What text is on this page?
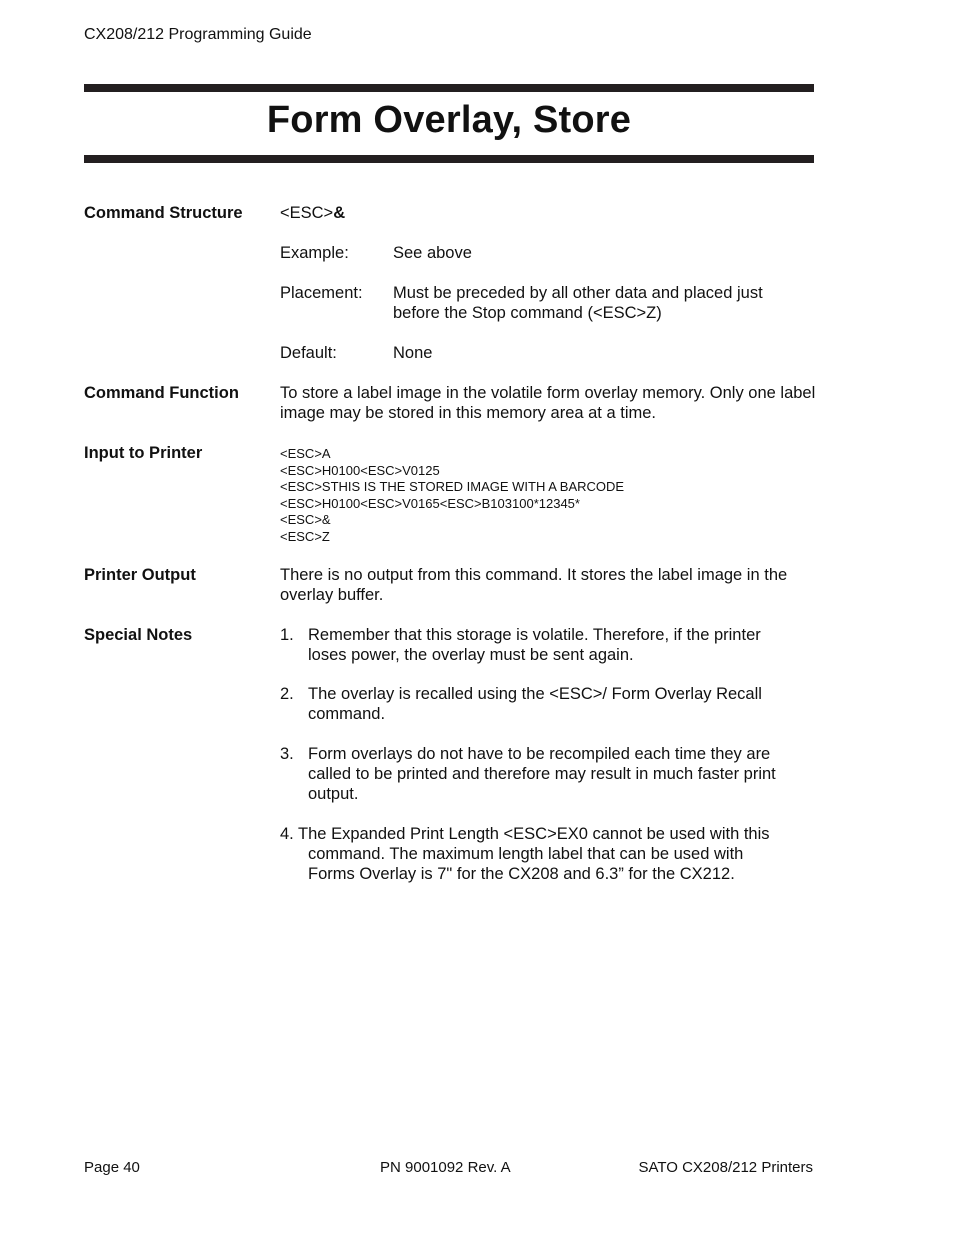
CX208/212 Programming Guide
Form Overlay, Store
Command Structure <ESC>&
Example:	See above
Placement: Must be preceded by all other data and placed just before the Stop command (<ESC>Z)
Default:	None
Command Function To store a label image in the volatile form overlay memory. Only one label image may be stored in this memory area at a time.
Input to Printer	<ESC>A
<ESC>H0100<ESC>V0125
<ESC>STHIS IS THE STORED IMAGE WITH A BARCODE
<ESC>H0100<ESC>V0165<ESC>B103100*12345*
<ESC>&
<ESC>Z
Printer Output	There is no output from this command. It stores the label image in the overlay buffer.
Special Notes	1. Remember that this storage is volatile. Therefore, if the printer loses power, the overlay must be sent again.
2. The overlay is recalled using the <ESC>/ Form Overlay Recall command.
3. Form overlays do not have to be recompiled each time they are called to be printed and therefore may result in much faster print output.
4. The Expanded Print Length <ESC>EX0 cannot be used with this
command. The maximum length label that can be used with Forms Overlay is 7" for the CX208 and 6.3” for the CX212.
Page 40	PN 9001092 Rev. A	SATO CX208/212 Printers
